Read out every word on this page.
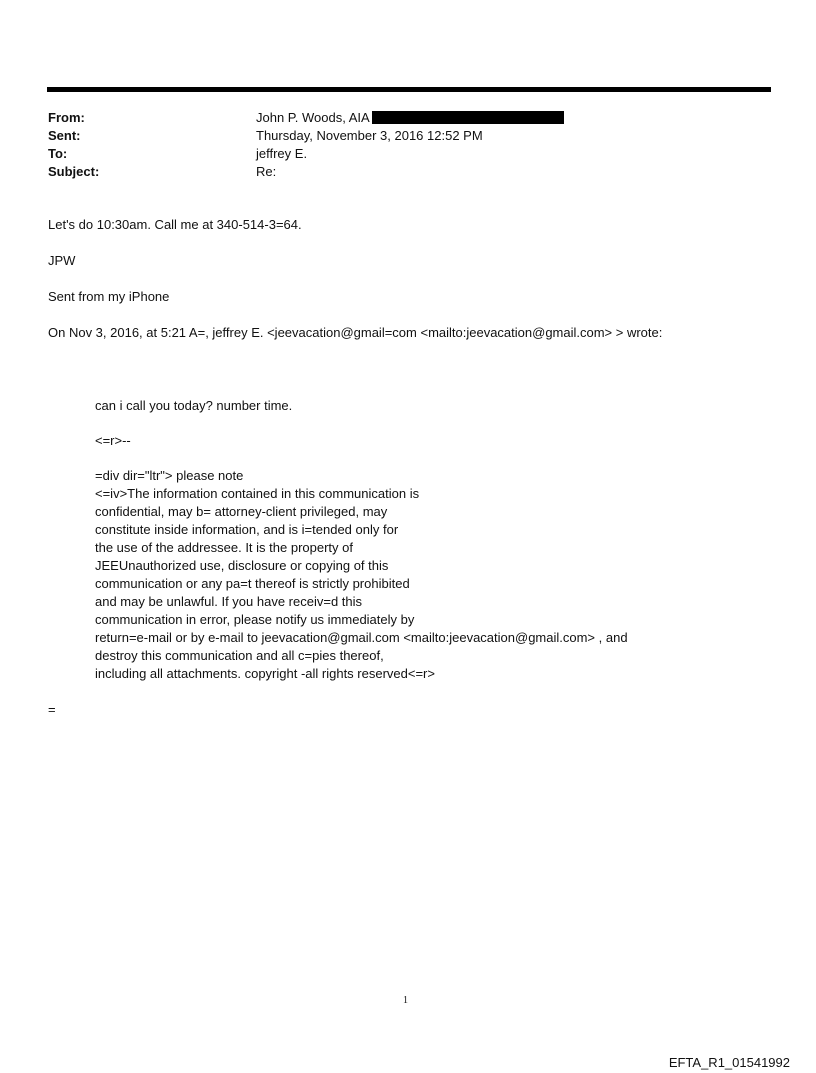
From:	John P. Woods, AIA
Sent:	Thursday, November 3, 2016 12:52 PM
To:	jeffrey E.
Subject:	Re:
Let's do 10:30am. Call me at 340-514-3=64.
JPW
Sent from my iPhone
On Nov 3, 2016, at 5:21 A=, jeffrey E. <jeevacation@gmail=com <mailto:jeevacation@gmail.com> > wrote:
can i call you today? number time.
<=r>--
=div dir="ltr"> please note
<=iv>The information contained in this communication is
confidential, may b= attorney-client privileged, may
constitute inside information, and is i=tended only for
the use of the addressee. It is the property of
JEEUnauthorized use, disclosure or copying of this
communication or any pa=t thereof is strictly prohibited
and may be unlawful. If you have receiv=d this
communication in error, please notify us immediately by
return=e-mail or by e-mail to jeevacation@gmail.com <mailto:jeevacation@gmail.com> , and
destroy this communication and all c=pies thereof,
including all attachments. copyright -all rights reserved<=r>
=
1
EFTA_R1_01541992
